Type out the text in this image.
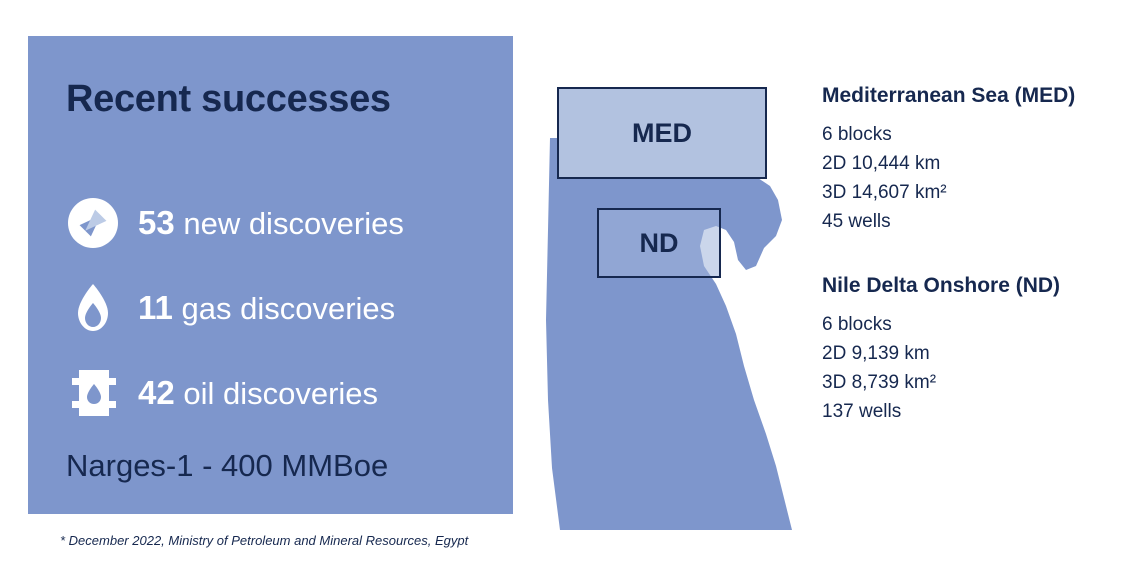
Recent successes
53 new discoveries
11 gas discoveries
42 oil discoveries
Narges-1 - 400 MMBoe
* December 2022, Ministry of Petroleum and Mineral Resources, Egypt
MED
ND
Mediterranean Sea (MED)
6 blocks
2D 10,444 km
3D 14,607 km²
45 wells
Nile Delta Onshore (ND)
6 blocks
2D 9,139 km
3D 8,739 km²
137 wells
